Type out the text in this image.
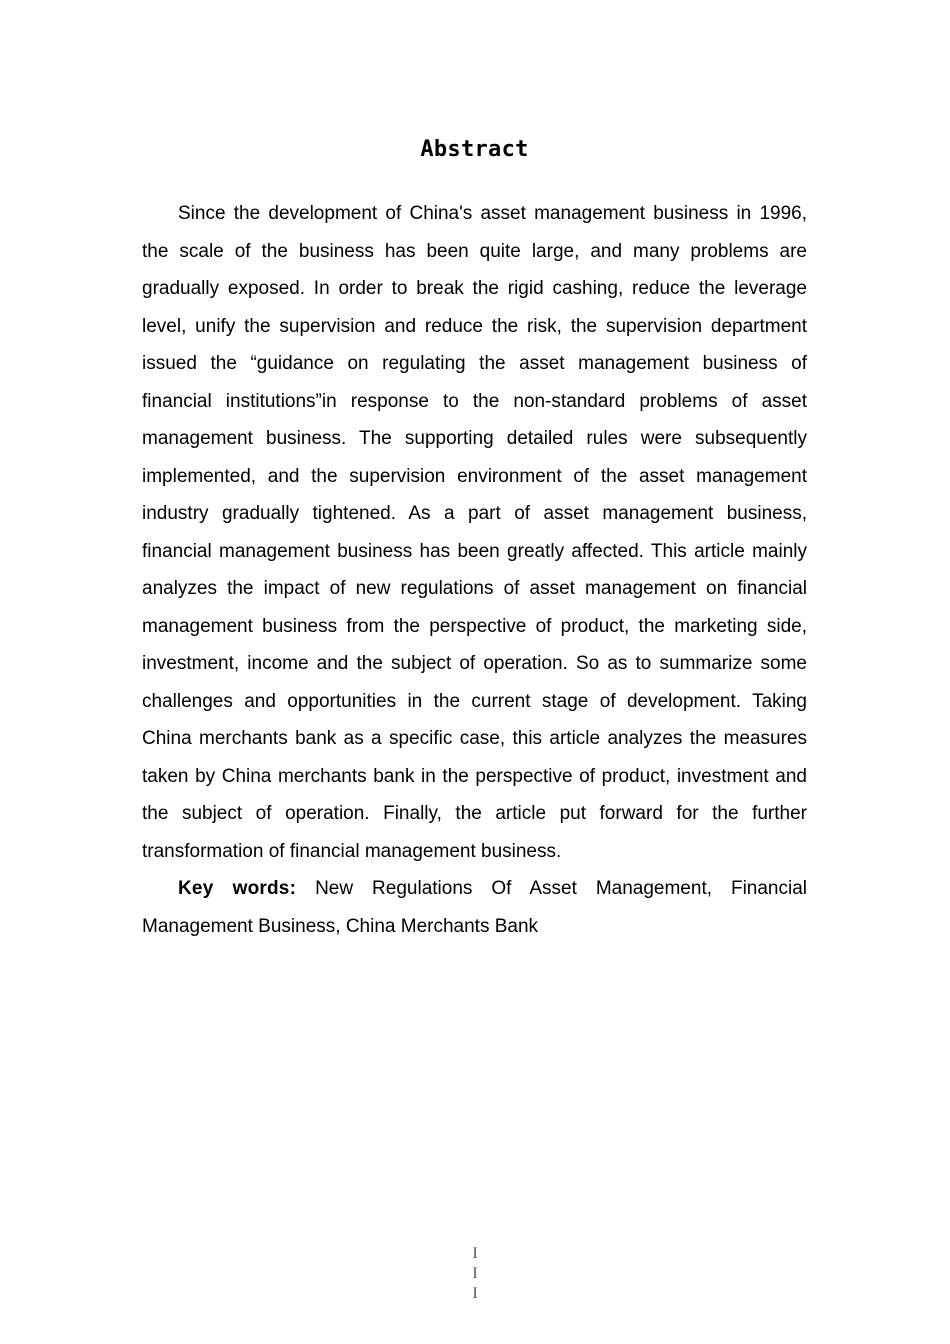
Abstract

Since the development of China's asset management business in 1996, the scale of the business has been quite large, and many problems are gradually exposed. In order to break the rigid cashing, reduce the leverage level, unify the supervision and reduce the risk, the supervision department issued the “guidance on regulating the asset management business of financial institutions”in response to the non-standard problems of asset management business. The supporting detailed rules were subsequently implemented, and the supervision environment of the asset management industry gradually tightened. As a part of asset management business, financial management business has been greatly affected. This article mainly analyzes the impact of new regulations of asset management on financial management business from the perspective of product, the marketing side, investment, income and the subject of operation. So as to summarize some challenges and opportunities in the current stage of development. Taking China merchants bank as a specific case, this article analyzes the measures taken by China merchants bank in the perspective of product, investment and the subject of operation. Finally, the article put forward for the further transformation of financial management business.

Key words: New Regulations Of Asset Management, Financial Management Business, China Merchants Bank

I
I
I
